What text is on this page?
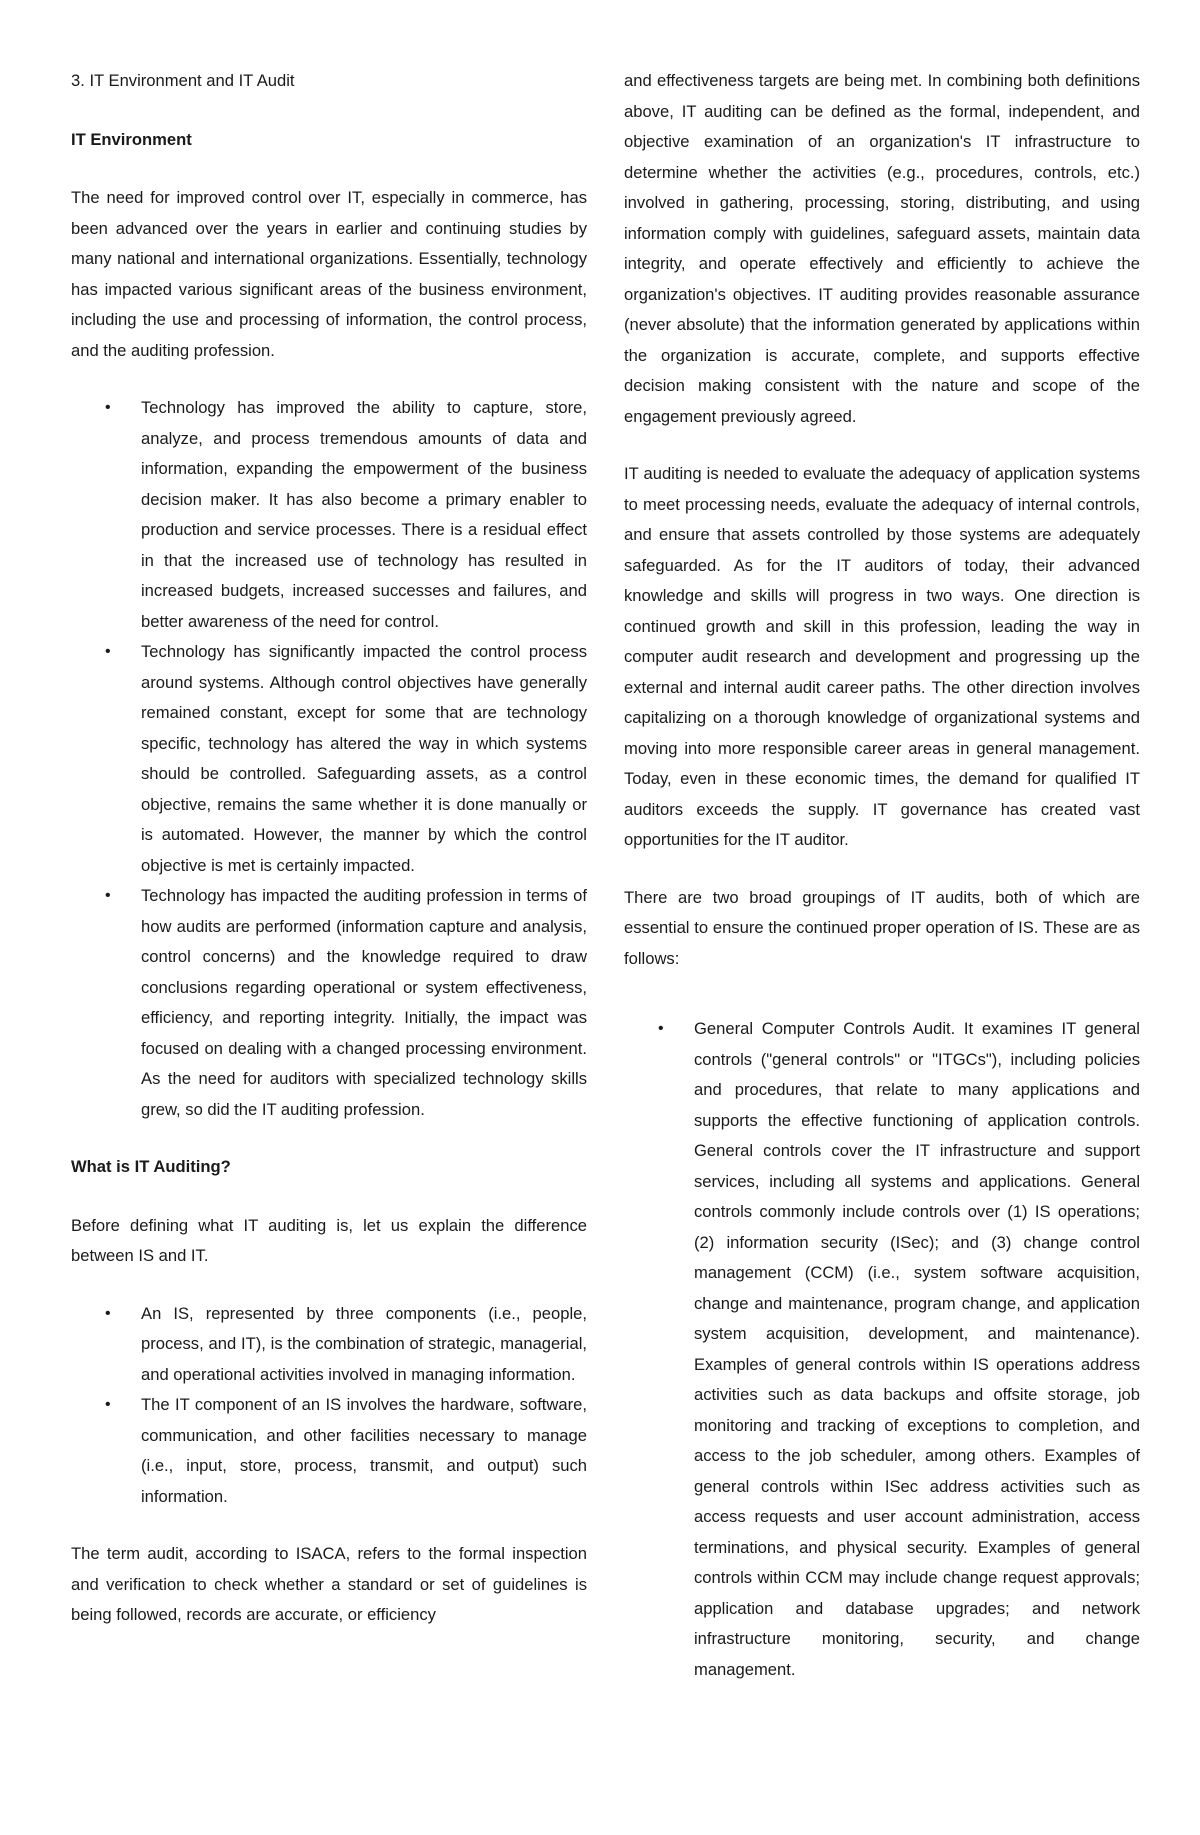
3. IT Environment and IT Audit

IT Environment

The need for improved control over IT, especially in commerce, has been advanced over the years in earlier and continuing studies by many national and international organizations. Essentially, technology has impacted various significant areas of the business environment, including the use and processing of information, the control process, and the auditing profession.

• Technology has improved the ability to capture, store, analyze, and process tremendous amounts of data and information, expanding the empowerment of the business decision maker. It has also become a primary enabler to production and service processes. There is a residual effect in that the increased use of technology has resulted in increased budgets, increased successes and failures, and better awareness of the need for control.
• Technology has significantly impacted the control process around systems. Although control objectives have generally remained constant, except for some that are technology specific, technology has altered the way in which systems should be controlled. Safeguarding assets, as a control objective, remains the same whether it is done manually or is automated. However, the manner by which the control objective is met is certainly impacted.
• Technology has impacted the auditing profession in terms of how audits are performed (information capture and analysis, control concerns) and the knowledge required to draw conclusions regarding operational or system effectiveness, efficiency, and reporting integrity. Initially, the impact was focused on dealing with a changed processing environment. As the need for auditors with specialized technology skills grew, so did the IT auditing profession.

What is IT Auditing?

Before defining what IT auditing is, let us explain the difference between IS and IT.

• An IS, represented by three components (i.e., people, process, and IT), is the combination of strategic, managerial, and operational activities involved in managing information.
• The IT component of an IS involves the hardware, software, communication, and other facilities necessary to manage (i.e., input, store, process, transmit, and output) such information.

The term audit, according to ISACA, refers to the formal inspection and verification to check whether a standard or set of guidelines is being followed, records are accurate, or efficiency

and effectiveness targets are being met. In combining both definitions above, IT auditing can be defined as the formal, independent, and objective examination of an organization's IT infrastructure to determine whether the activities (e.g., procedures, controls, etc.) involved in gathering, processing, storing, distributing, and using information comply with guidelines, safeguard assets, maintain data integrity, and operate effectively and efficiently to achieve the organization's objectives. IT auditing provides reasonable assurance (never absolute) that the information generated by applications within the organization is accurate, complete, and supports effective decision making consistent with the nature and scope of the engagement previously agreed.

IT auditing is needed to evaluate the adequacy of application systems to meet processing needs, evaluate the adequacy of internal controls, and ensure that assets controlled by those systems are adequately safeguarded. As for the IT auditors of today, their advanced knowledge and skills will progress in two ways. One direction is continued growth and skill in this profession, leading the way in computer audit research and development and progressing up the external and internal audit career paths. The other direction involves capitalizing on a thorough knowledge of organizational systems and moving into more responsible career areas in general management. Today, even in these economic times, the demand for qualified IT auditors exceeds the supply. IT governance has created vast opportunities for the IT auditor.

There are two broad groupings of IT audits, both of which are essential to ensure the continued proper operation of IS. These are as follows:

• General Computer Controls Audit. It examines IT general controls ("general controls" or "ITGCs"), including policies and procedures, that relate to many applications and supports the effective functioning of application controls. General controls cover the IT infrastructure and support services, including all systems and applications. General controls commonly include controls over (1) IS operations; (2) information security (ISec); and (3) change control management (CCM) (i.e., system software acquisition, change and maintenance, program change, and application system acquisition, development, and maintenance). Examples of general controls within IS operations address activities such as data backups and offsite storage, job monitoring and tracking of exceptions to completion, and access to the job scheduler, among others. Examples of general controls within ISec address activities such as access requests and user account administration, access terminations, and physical security. Examples of general controls within CCM may include change request approvals; application and database upgrades; and network infrastructure monitoring, security, and change management.
